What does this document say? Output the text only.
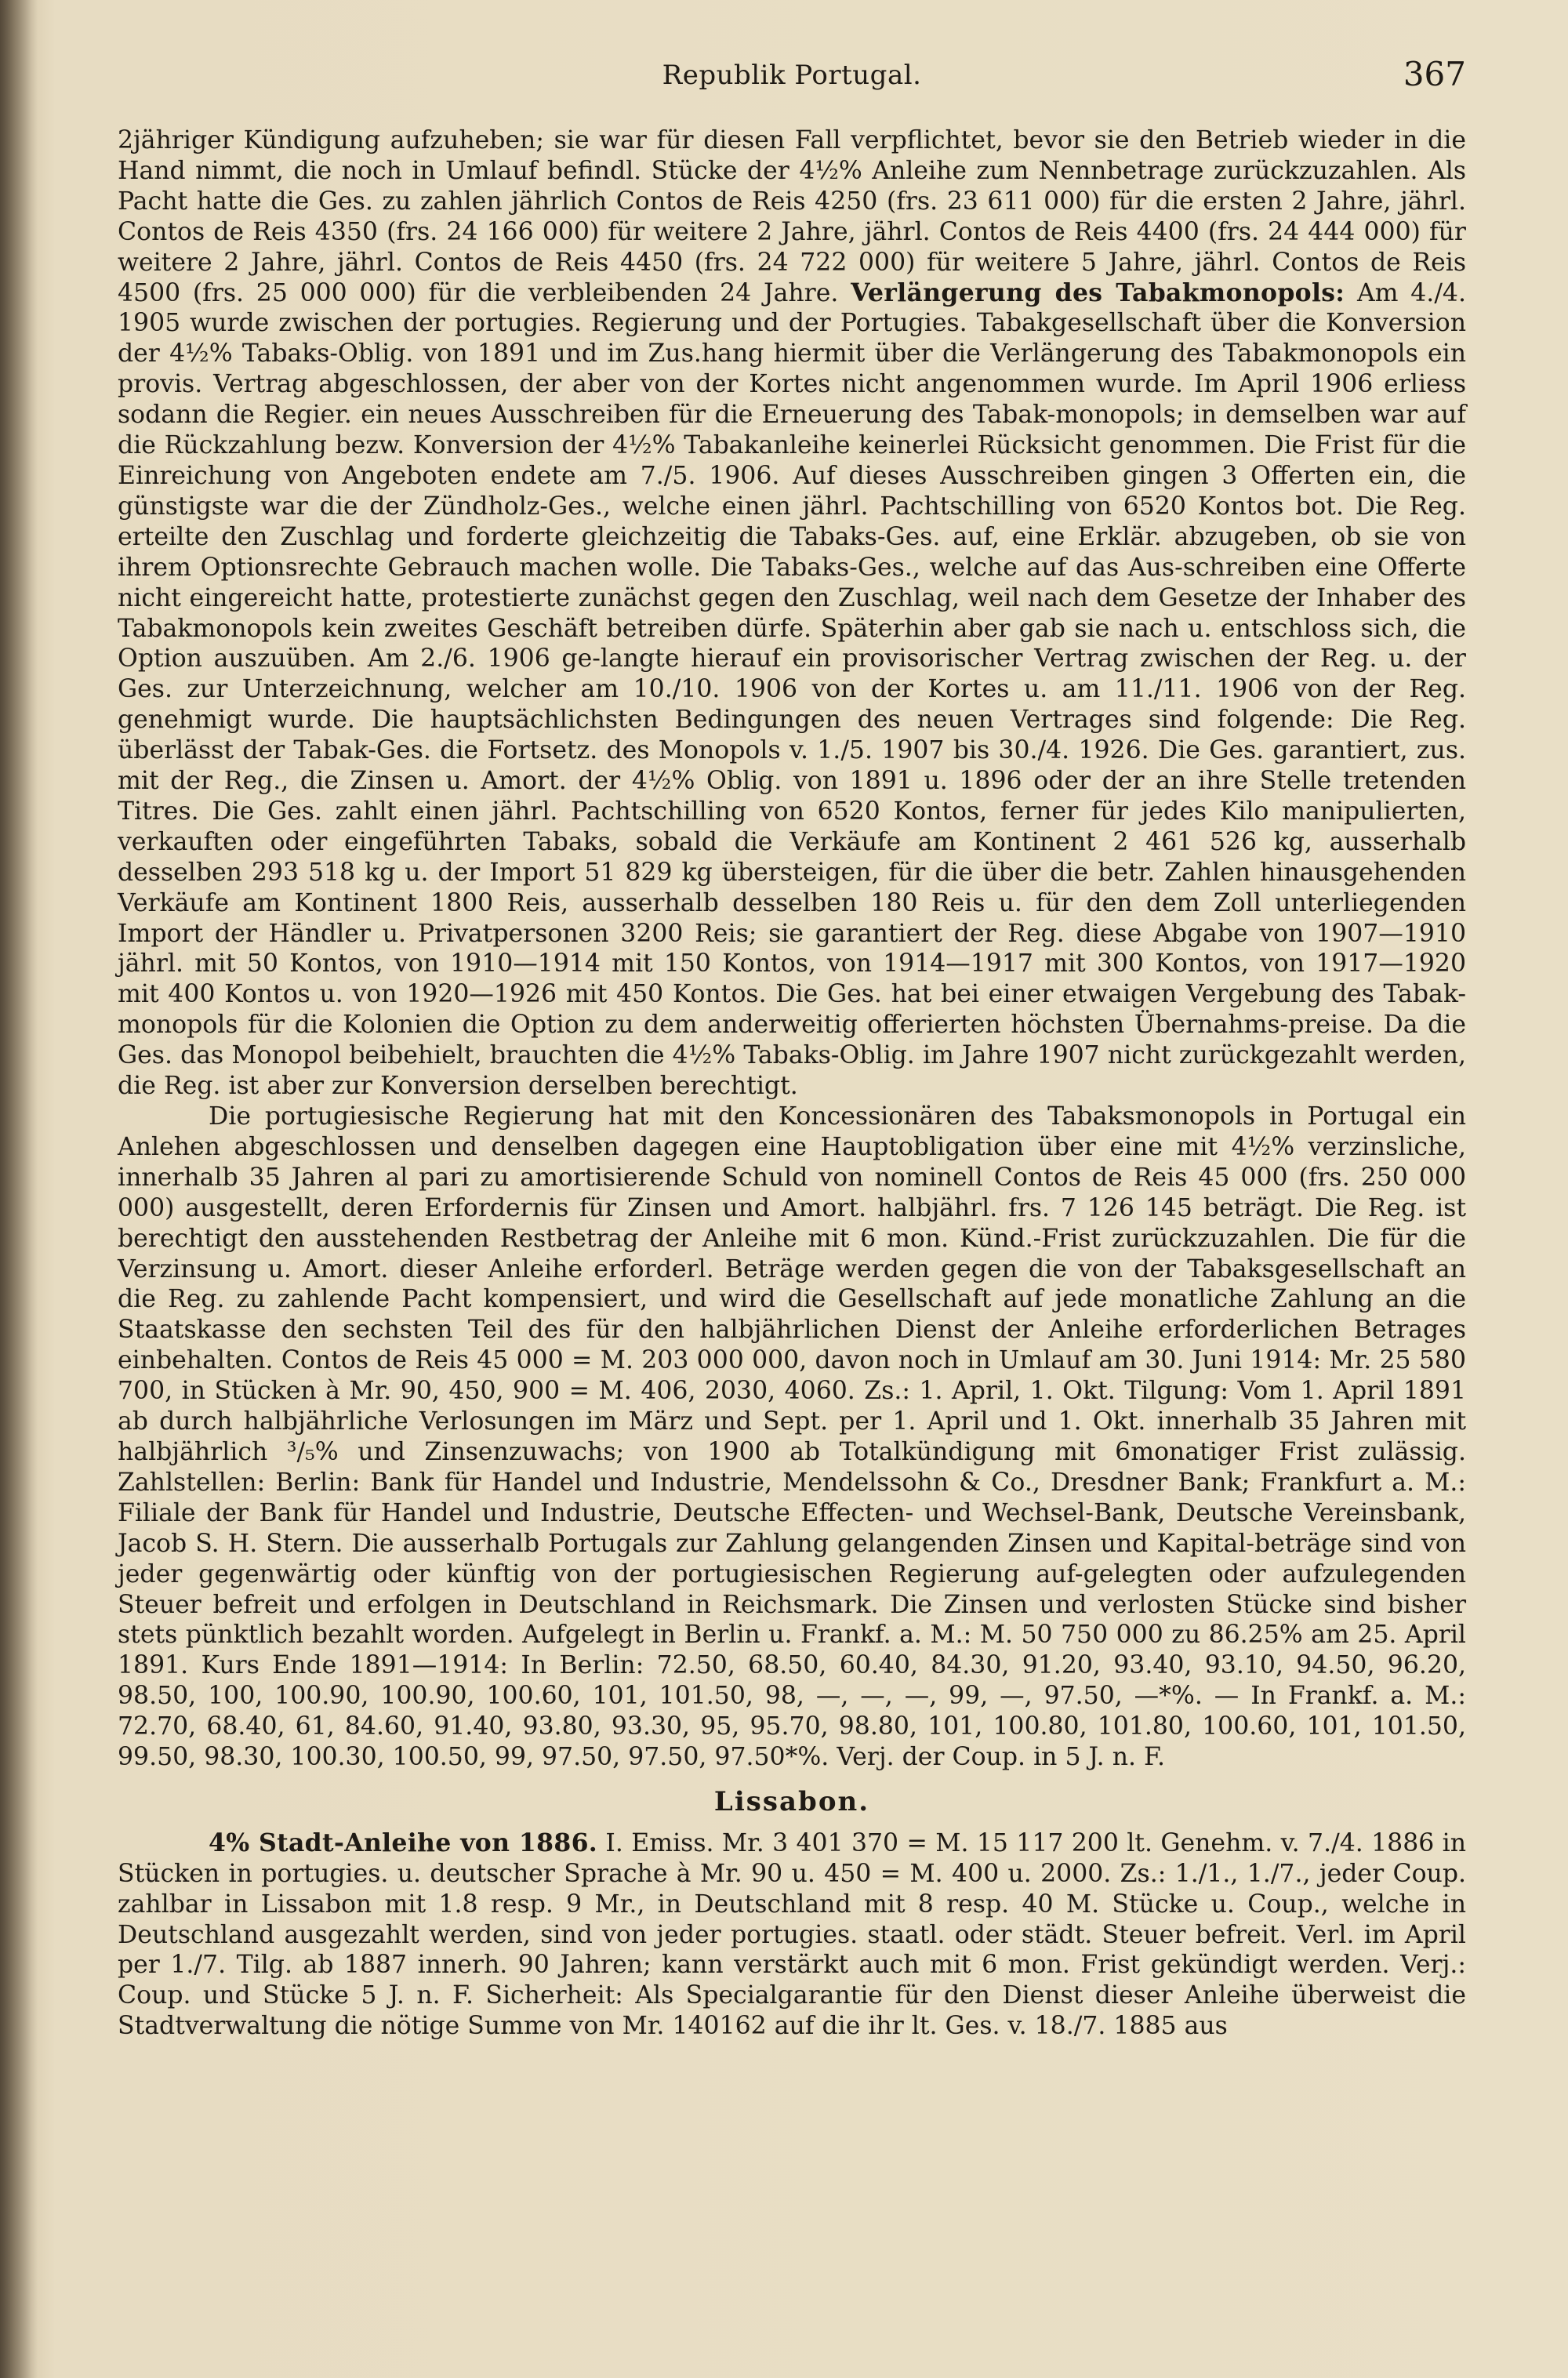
Republik Portugal.	367

2jähriger Kündigung aufzuheben; sie war für diesen Fall verpflichtet, bevor sie den Betrieb wieder in die Hand nimmt, die noch in Umlauf befindl. Stücke der 4½% Anleihe zum Nennbetrage zurückzuzahlen. Als Pacht hatte die Ges. zu zahlen jährlich Contos de Reis 4250 (frs. 23 611 000) für die ersten 2 Jahre, jährl. Contos de Reis 4350 (frs. 24 166 000) für weitere 2 Jahre, jährl. Contos de Reis 4400 (frs. 24 444 000) für weitere 2 Jahre, jährl. Contos de Reis 4450 (frs. 24 722 000) für weitere 5 Jahre, jährl. Contos de Reis 4500 (frs. 25 000 000) für die verbleibenden 24 Jahre. Verlängerung des Tabakmonopols: Am 4./4. 1905 wurde zwischen der portugies. Regierung und der Portugies. Tabakgesellschaft über die Konversion der 4½% Tabaks-Oblig. von 1891 und im Zus.hang hiermit über die Verlängerung des Tabakmonopols ein provis. Vertrag abgeschlossen, der aber von der Kortes nicht angenommen wurde. Im April 1906 erliess sodann die Regier. ein neues Ausschreiben für die Erneuerung des Tabak-monopols; in demselben war auf die Rückzahlung bezw. Konversion der 4½% Tabakanleihe keinerlei Rücksicht genommen. Die Frist für die Einreichung von Angeboten endete am 7./5. 1906. Auf dieses Ausschreiben gingen 3 Offerten ein, die günstigste war die der Zündholz-Ges., welche einen jährl. Pachtschilling von 6520 Kontos bot. Die Reg. erteilte den Zuschlag und forderte gleichzeitig die Tabaks-Ges. auf, eine Erklär. abzugeben, ob sie von ihrem Optionsrechte Gebrauch machen wolle. Die Tabaks-Ges., welche auf das Aus-schreiben eine Offerte nicht eingereicht hatte, protestierte zunächst gegen den Zuschlag, weil nach dem Gesetze der Inhaber des Tabakmonopols kein zweites Geschäft betreiben dürfe. Späterhin aber gab sie nach u. entschloss sich, die Option auszuüben. Am 2./6. 1906 ge-langte hierauf ein provisorischer Vertrag zwischen der Reg. u. der Ges. zur Unterzeichnung, welcher am 10./10. 1906 von der Kortes u. am 11./11. 1906 von der Reg. genehmigt wurde. Die hauptsächlichsten Bedingungen des neuen Vertrages sind folgende: Die Reg. überlässt der Tabak-Ges. die Fortsetz. des Monopols v. 1./5. 1907 bis 30./4. 1926. Die Ges. garantiert, zus. mit der Reg., die Zinsen u. Amort. der 4½% Oblig. von 1891 u. 1896 oder der an ihre Stelle tretenden Titres. Die Ges. zahlt einen jährl. Pachtschilling von 6520 Kontos, ferner für jedes Kilo manipulierten, verkauften oder eingeführten Tabaks, sobald die Verkäufe am Kontinent 2 461 526 kg, ausserhalb desselben 293 518 kg u. der Import 51 829 kg übersteigen, für die über die betr. Zahlen hinausgehenden Verkäufe am Kontinent 1800 Reis, ausserhalb desselben 180 Reis u. für den dem Zoll unterliegenden Import der Händler u. Privatpersonen 3200 Reis; sie garantiert der Reg. diese Abgabe von 1907—1910 jährl. mit 50 Kontos, von 1910—1914 mit 150 Kontos, von 1914—1917 mit 300 Kontos, von 1917—1920 mit 400 Kontos u. von 1920—1926 mit 450 Kontos. Die Ges. hat bei einer etwaigen Vergebung des Tabak-monopols für die Kolonien die Option zu dem anderweitig offerierten höchsten Übernahms-preise. Da die Ges. das Monopol beibehielt, brauchten die 4½% Tabaks-Oblig. im Jahre 1907 nicht zurückgezahlt werden, die Reg. ist aber zur Konversion derselben berechtigt.

Die portugiesische Regierung hat mit den Koncessionären des Tabaksmonopols in Portugal ein Anlehen abgeschlossen und denselben dagegen eine Hauptobligation über eine mit 4½% verzinsliche, innerhalb 35 Jahren al pari zu amortisierende Schuld von nominell Contos de Reis 45 000 (frs. 250 000 000) ausgestellt, deren Erfordernis für Zinsen und Amort. halbjährl. frs. 7 126 145 beträgt. Die Reg. ist berechtigt den ausstehenden Restbetrag der Anleihe mit 6 mon. Künd.-Frist zurückzuzahlen. Die für die Verzinsung u. Amort. dieser Anleihe erforderl. Beträge werden gegen die von der Tabaksgesellschaft an die Reg. zu zahlende Pacht kompensiert, und wird die Gesellschaft auf jede monatliche Zahlung an die Staatskasse den sechsten Teil des für den halbjährlichen Dienst der Anleihe erforderlichen Betrages einbehalten. Contos de Reis 45 000 = M. 203 000 000, davon noch in Umlauf am 30. Juni 1914: Mr. 25 580 700, in Stücken à Mr. 90, 450, 900 = M. 406, 2030, 4060. Zs.: 1. April, 1. Okt. Tilgung: Vom 1. April 1891 ab durch halbjährliche Verlosungen im März und Sept. per 1. April und 1. Okt. innerhalb 35 Jahren mit halbjährlich ³/₅% und Zinsenzuwachs; von 1900 ab Totalkündigung mit 6monatiger Frist zulässig. Zahlstellen: Berlin: Bank für Handel und Industrie, Mendelssohn & Co., Dresdner Bank; Frankfurt a. M.: Filiale der Bank für Handel und Industrie, Deutsche Effecten- und Wechsel-Bank, Deutsche Vereinsbank, Jacob S. H. Stern. Die ausserhalb Portugals zur Zahlung gelangenden Zinsen und Kapital-beträge sind von jeder gegenwärtig oder künftig von der portugiesischen Regierung auf-gelegten oder aufzulegenden Steuer befreit und erfolgen in Deutschland in Reichsmark. Die Zinsen und verlosten Stücke sind bisher stets pünktlich bezahlt worden. Aufgelegt in Berlin u. Frankf. a. M.: M. 50 750 000 zu 86.25% am 25. April 1891. Kurs Ende 1891—1914: In Berlin: 72.50, 68.50, 60.40, 84.30, 91.20, 93.40, 93.10, 94.50, 96.20, 98.50, 100, 100.90, 100.90, 100.60, 101, 101.50, 98, —, —, —, 99, —, 97.50, —*%. — In Frankf. a. M.: 72.70, 68.40, 61, 84.60, 91.40, 93.80, 93.30, 95, 95.70, 98.80, 101, 100.80, 101.80, 100.60, 101, 101.50, 99.50, 98.30, 100.30, 100.50, 99, 97.50, 97.50, 97.50*%. Verj. der Coup. in 5 J. n. F.

Lissabon.

4% Stadt-Anleihe von 1886. I. Emiss. Mr. 3 401 370 = M. 15 117 200 lt. Genehm. v. 7./4. 1886 in Stücken in portugies. u. deutscher Sprache à Mr. 90 u. 450 = M. 400 u. 2000. Zs.: 1./1., 1./7., jeder Coup. zahlbar in Lissabon mit 1.8 resp. 9 Mr., in Deutschland mit 8 resp. 40 M. Stücke u. Coup., welche in Deutschland ausgezahlt werden, sind von jeder portugies. staatl. oder städt. Steuer befreit. Verl. im April per 1./7. Tilg. ab 1887 innerh. 90 Jahren; kann verstärkt auch mit 6 mon. Frist gekündigt werden. Verj.: Coup. und Stücke 5 J. n. F. Sicherheit: Als Specialgarantie für den Dienst dieser Anleihe überweist die Stadtverwaltung die nötige Summe von Mr. 140162 auf die ihr lt. Ges. v. 18./7. 1885 aus
